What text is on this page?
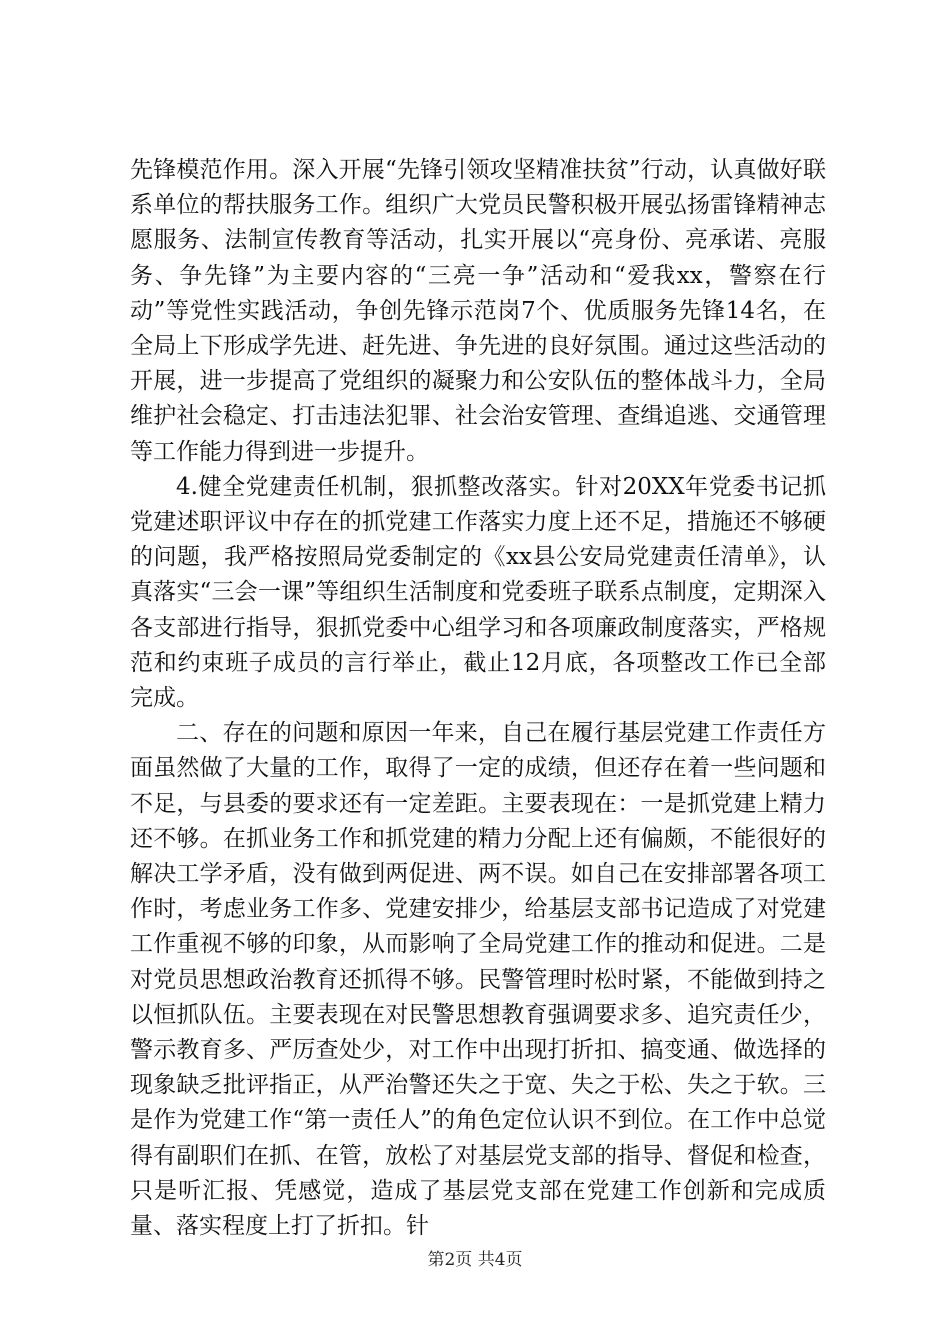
先锋模范作用。深入开展“先锋引领攻坚精准扶贫”行动，认真做好联系单位的帮扶服务工作。组织广大党员民警积极开展弘扬雷锋精神志愿服务、法制宣传教育等活动，扎实开展以“亮身份、亮承诺、亮服务、争先锋”为主要内容的“三亮一争”活动和“爱我xx，警察在行动”等党性实践活动，争创先锋示范岗7个、优质服务先锋14名，在全局上下形成学先进、赶先进、争先进的良好氛围。通过这些活动的开展，进一步提高了党组织的凝聚力和公安队伍的整体战斗力，全局维护社会稳定、打击违法犯罪、社会治安管理、查缉追逃、交通管理等工作能力得到进一步提升。

4.健全党建责任机制，狠抓整改落实。针对20XX年党委书记抓党建述职评议中存在的抓党建工作落实力度上还不足，措施还不够硬的问题，我严格按照局党委制定的《xx县公安局党建责任清单》，认真落实“三会一课”等组织生活制度和党委班子联系点制度，定期深入各支部进行指导，狠抓党委中心组学习和各项廉政制度落实，严格规范和约束班子成员的言行举止，截止12月底，各项整改工作已全部完成。

二、存在的问题和原因一年来，自己在履行基层党建工作责任方面虽然做了大量的工作，取得了一定的成绩，但还存在着一些问题和不足，与县委的要求还有一定差距。主要表现在：一是抓党建上精力还不够。在抓业务工作和抓党建的精力分配上还有偏颇，不能很好的解决工学矛盾，没有做到两促进、两不误。如自己在安排部署各项工作时，考虑业务工作多、党建安排少，给基层支部书记造成了对党建工作重视不够的印象，从而影响了全局党建工作的推动和促进。二是对党员思想政治教育还抓得不够。民警管理时松时紧，不能做到持之以恒抓队伍。主要表现在对民警思想教育强调要求多、追究责任少，警示教育多、严厉查处少，对工作中出现打折扣、搞变通、做选择的现象缺乏批评指正，从严治警还失之于宽、失之于松、失之于软。三是作为党建工作“第一责任人”的角色定位认识不到位。在工作中总觉得有副职们在抓、在管，放松了对基层党支部的指导、督促和检查，只是听汇报、凭感觉，造成了基层党支部在党建工作创新和完成质量、落实程度上打了折扣。针

第2页 共4页
